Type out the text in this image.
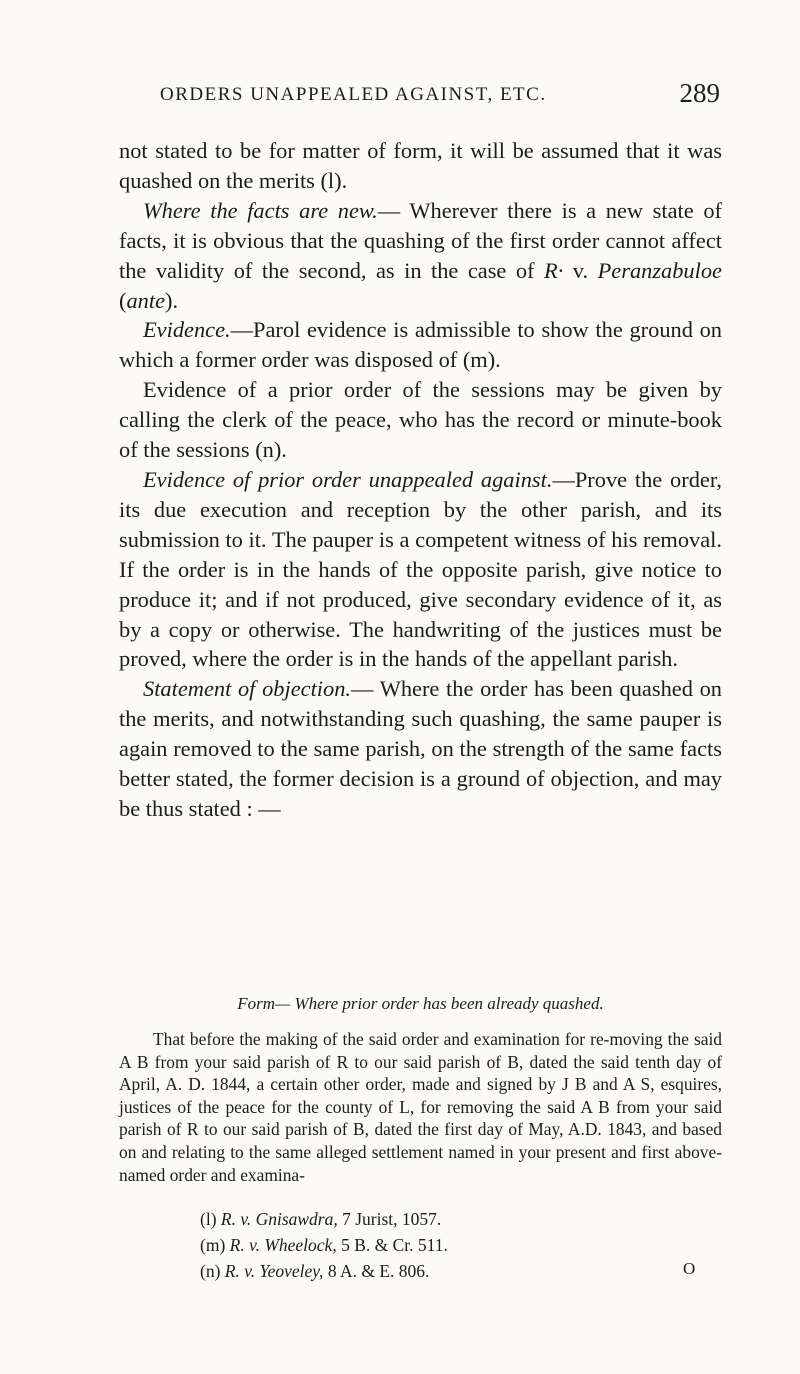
ORDERS UNAPPEALED AGAINST, ETC.	289

not stated to be for matter of form, it will be assumed that it was quashed on the merits (l).

Where the facts are new.— Wherever there is a new state of facts, it is obvious that the quashing of the first order cannot affect the validity of the second, as in the case of R· v. Peranzabuloe (ante).

Evidence.—Parol evidence is admissible to show the ground on which a former order was disposed of (m).

Evidence of a prior order of the sessions may be given by calling the clerk of the peace, who has the record or minute-book of the sessions (n).

Evidence of prior order unappealed against.—Prove the order, its due execution and reception by the other parish, and its submission to it. The pauper is a competent witness of his removal. If the order is in the hands of the opposite parish, give notice to produce it; and if not produced, give secondary evidence of it, as by a copy or otherwise. The handwriting of the justices must be proved, where the order is in the hands of the appellant parish.

Statement of objection.— Where the order has been quashed on the merits, and notwithstanding such quashing, the same pauper is again removed to the same parish, on the strength of the same facts better stated, the former decision is a ground of objection, and may be thus stated : —

Form— Where prior order has been already quashed.

That before the making of the said order and examination for re-moving the said A B from your said parish of R to our said parish of B, dated the said tenth day of April, A. D. 1844, a certain other order, made and signed by J B and A S, esquires, justices of the peace for the county of L, for removing the said A B from your said parish of R to our said parish of B, dated the first day of May, A.D. 1843, and based on and relating to the same alleged settlement named in your present and first above-named order and examina-

(l) R. v. Gnisawdra, 7 Jurist, 1057.
(m) R. v. Wheelock, 5 B. & Cr. 511.
(n) R. v. Yeoveley, 8 A. & E. 806.	O
